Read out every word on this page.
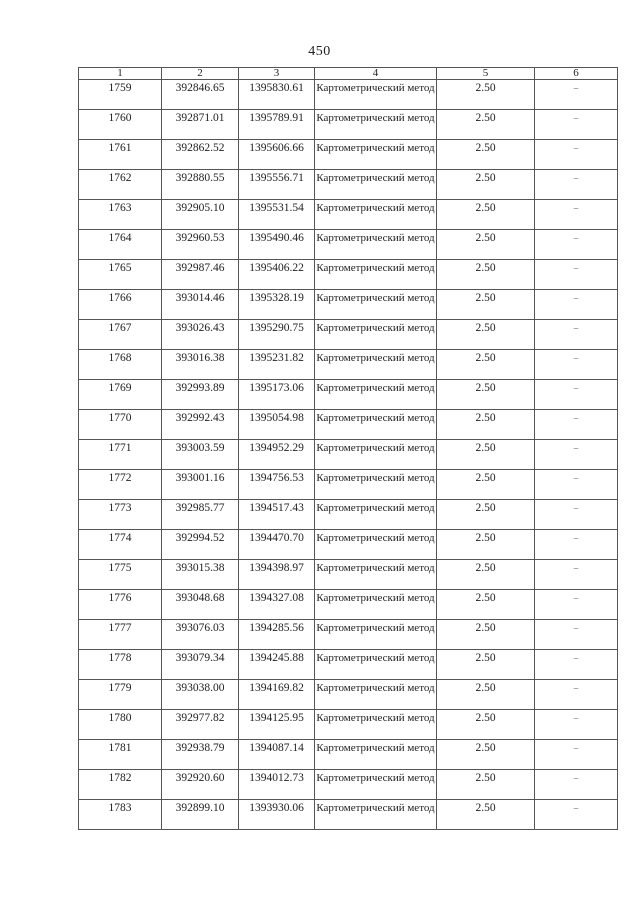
450
1	2	3	4	5	6

1759	392846.65	1395830.61	Картометрический метод	2.50	–

1760	392871.01	1395789.91	Картометрический метод	2.50	–

1761	392862.52	1395606.66	Картометрический метод	2.50	–

1762	392880.55	1395556.71	Картометрический метод	2.50	–

1763	392905.10	1395531.54	Картометрический метод	2.50	–

1764	392960.53	1395490.46	Картометрический метод	2.50	–

1765	392987.46	1395406.22	Картометрический метод	2.50	–

1766	393014.46	1395328.19	Картометрический метод	2.50	–

1767	393026.43	1395290.75	Картометрический метод	2.50	–

1768	393016.38	1395231.82	Картометрический метод	2.50	–

1769	392993.89	1395173.06	Картометрический метод	2.50	–

1770	392992.43	1395054.98	Картометрический метод	2.50	–

1771	393003.59	1394952.29	Картометрический метод	2.50	–

1772	393001.16	1394756.53	Картометрический метод	2.50	–

1773	392985.77	1394517.43	Картометрический метод	2.50	–

1774	392994.52	1394470.70	Картометрический метод	2.50	–

1775	393015.38	1394398.97	Картометрический метод	2.50	–

1776	393048.68	1394327.08	Картометрический метод	2.50	–

1777	393076.03	1394285.56	Картометрический метод	2.50	–

1778	393079.34	1394245.88	Картометрический метод	2.50	–

1779	393038.00	1394169.82	Картометрический метод	2.50	–

1780	392977.82	1394125.95	Картометрический метод	2.50	–

1781	392938.79	1394087.14	Картометрический метод	2.50	–

1782	392920.60	1394012.73	Картометрический метод	2.50	–

1783	392899.10	1393930.06	Картометрический метод	2.50	–
